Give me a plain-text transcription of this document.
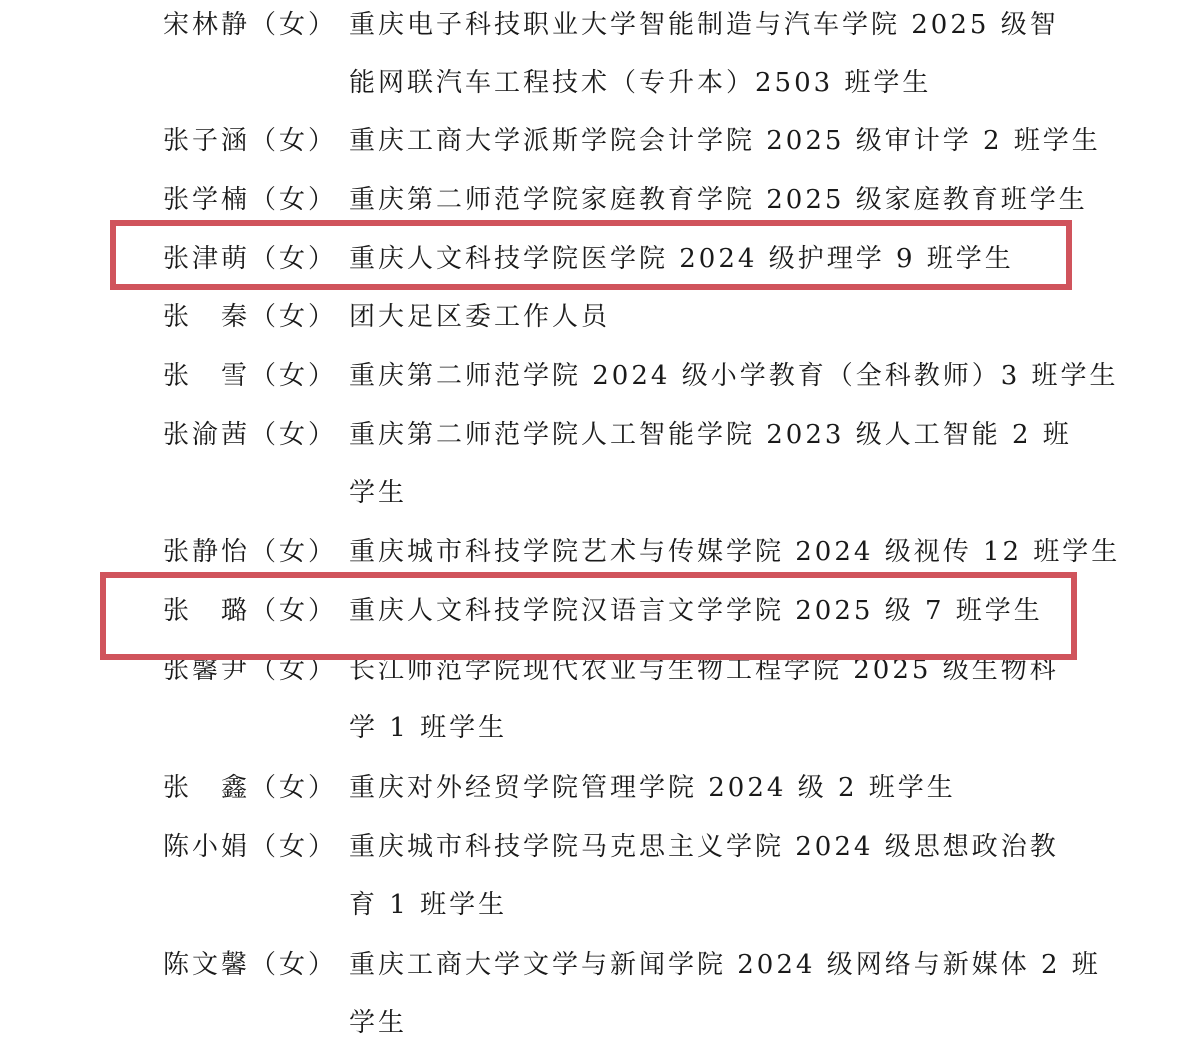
宋林静（女） 重庆电子科技职业大学智能制造与汽车学院 2025 级智
能网联汽车工程技术（专升本）2503 班学生
张子涵（女） 重庆工商大学派斯学院会计学院 2025 级审计学 2 班学生
张学楠（女） 重庆第二师范学院家庭教育学院 2025 级家庭教育班学生
张津萌（女） 重庆人文科技学院医学院 2024 级护理学 9 班学生
张　秦（女） 团大足区委工作人员
张　雪（女） 重庆第二师范学院 2024 级小学教育（全科教师）3 班学生
张渝茜（女） 重庆第二师范学院人工智能学院 2023 级人工智能 2 班
学生
张静怡（女） 重庆城市科技学院艺术与传媒学院 2024 级视传 12 班学生
张　璐（女） 重庆人文科技学院汉语言文学学院 2025 级 7 班学生
张馨尹（女） 长江师范学院现代农业与生物工程学院 2025 级生物科
学 1 班学生
张　鑫（女） 重庆对外经贸学院管理学院 2024 级 2 班学生
陈小娟（女） 重庆城市科技学院马克思主义学院 2024 级思想政治教
育 1 班学生
陈文馨（女） 重庆工商大学文学与新闻学院 2024 级网络与新媒体 2 班
学生
